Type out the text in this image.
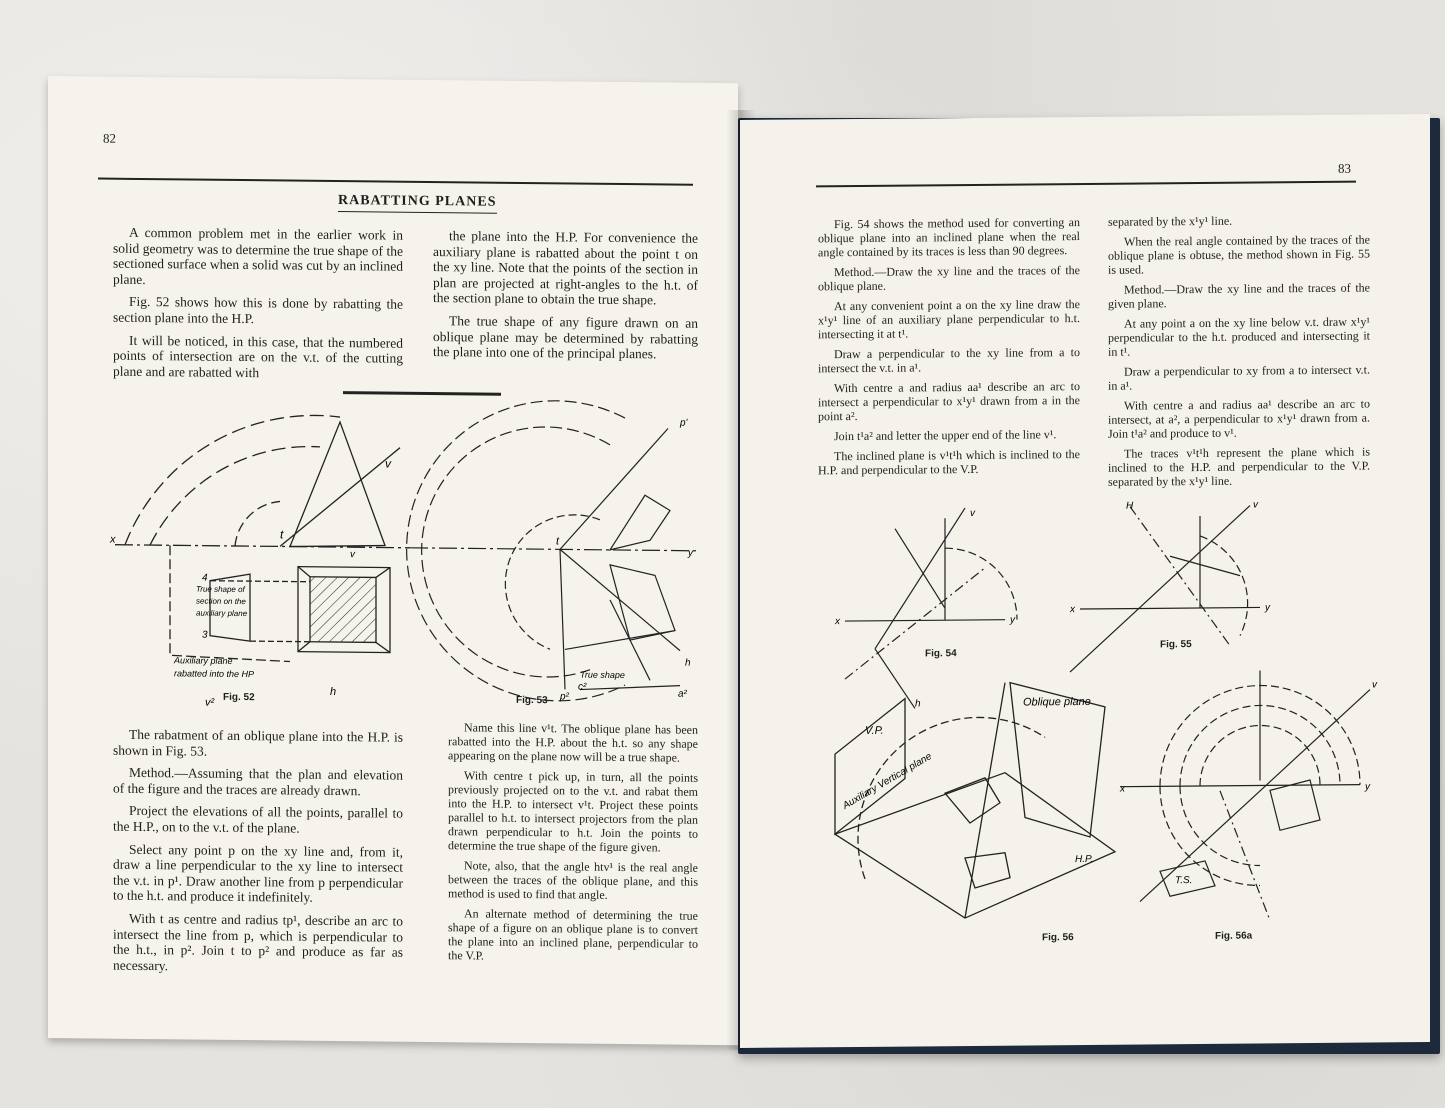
82
RABATTING PLANES

A common problem met in the earlier work in solid geometry was to determine the true shape of the sectioned surface when a solid was cut by an inclined plane.

Fig. 52 shows how this is done by rabatting the section plane into the H.P.

It will be noticed, in this case, that the numbered points of intersection are on the v.t. of the cutting plane and are rabatted with

the plane into the H.P. For convenience the auxiliary plane is rabatted about the point t on the xy line. Note that the points of the section in plan are projected at right-angles to the h.t. of the section plane to obtain the true shape.

The true shape of any figure drawn on an oblique plane may be determined by rabatting the plane into one of the principal planes.

x	t
v
v
4
3
v²
h
True shape of
section on the
auxiliary plane
Auxiliary plane
rabatted into the HP
Fig. 52
p'
t
y
c²
p²	a²
h
True shape
Fig. 53

The rabatment of an oblique plane into the H.P. is shown in Fig. 53.

Method.—Assuming that the plan and elevation of the figure and the traces are already drawn.

Project the elevations of all the points, parallel to the H.P., on to the v.t. of the plane.

Select any point p on the xy line and, from it, draw a line perpendicular to the xy line to intersect the v.t. in p¹. Draw another line from p perpendicular to the h.t. and produce it indefinitely.

With t as centre and radius tp¹, describe an arc to intersect the line from p, which is perpendicular to the h.t., in p². Join t to p² and produce as far as necessary.

Name this line v¹t. The oblique plane has been rabatted into the H.P. about the h.t. so any shape appearing on the plane now will be a true shape.

With centre t pick up, in turn, all the points previously projected on to the v.t. and rabat them into the H.P. to intersect v¹t. Project these points parallel to h.t. to intersect projectors from the plan drawn perpendicular to h.t. Join the points to determine the true shape of the figure given.

Note, also, that the angle htv¹ is the real angle between the traces of the oblique plane, and this method is used to find that angle.

An alternate method of determining the true shape of a figure on an oblique plane is to convert the plane into an inclined plane, perpendicular to the V.P.

83

Fig. 54 shows the method used for converting an oblique plane into an inclined plane when the real angle contained by its traces is less than 90 degrees.

Method.—Draw the xy line and the traces of the oblique plane.

At any convenient point a on the xy line draw the x¹y¹ line of an auxiliary plane perpendicular to h.t. intersecting it at t¹.

Draw a perpendicular to the xy line from a to intersect the v.t. in a¹.

With centre a and radius aa¹ describe an arc to intersect a perpendicular to x¹y¹ drawn from a in the point a².

Join t¹a² and letter the upper end of the line v¹.

The inclined plane is v¹t¹h which is inclined to the H.P. and perpendicular to the V.P.

separated by the x¹y¹ line.

When the real angle contained by the traces of the oblique plane is obtuse, the method shown in Fig. 55 is used.

Method.—Draw the xy line and the traces of the given plane.

At any point a on the xy line below v.t. draw x¹y¹ perpendicular to the h.t. produced and intersecting it in t¹.

Draw a perpendicular to xy from a to intersect v.t. in a¹.

With centre a and radius aa¹ describe an arc to intersect, at a², a perpendicular to x¹y¹ drawn from a. Join t¹a² and produce to v¹.

The traces v¹t¹h represent the plane which is inclined to the H.P. and perpendicular to the V.P. separated by the x¹y¹ line.

x	y
v
h
Fig. 54
x	y
H	v
Fig. 55
Oblique plane
V.P.
Auxiliary Vertical plane
H.P.
Fig. 56
T.S.
x	y
v
Fig. 56a
